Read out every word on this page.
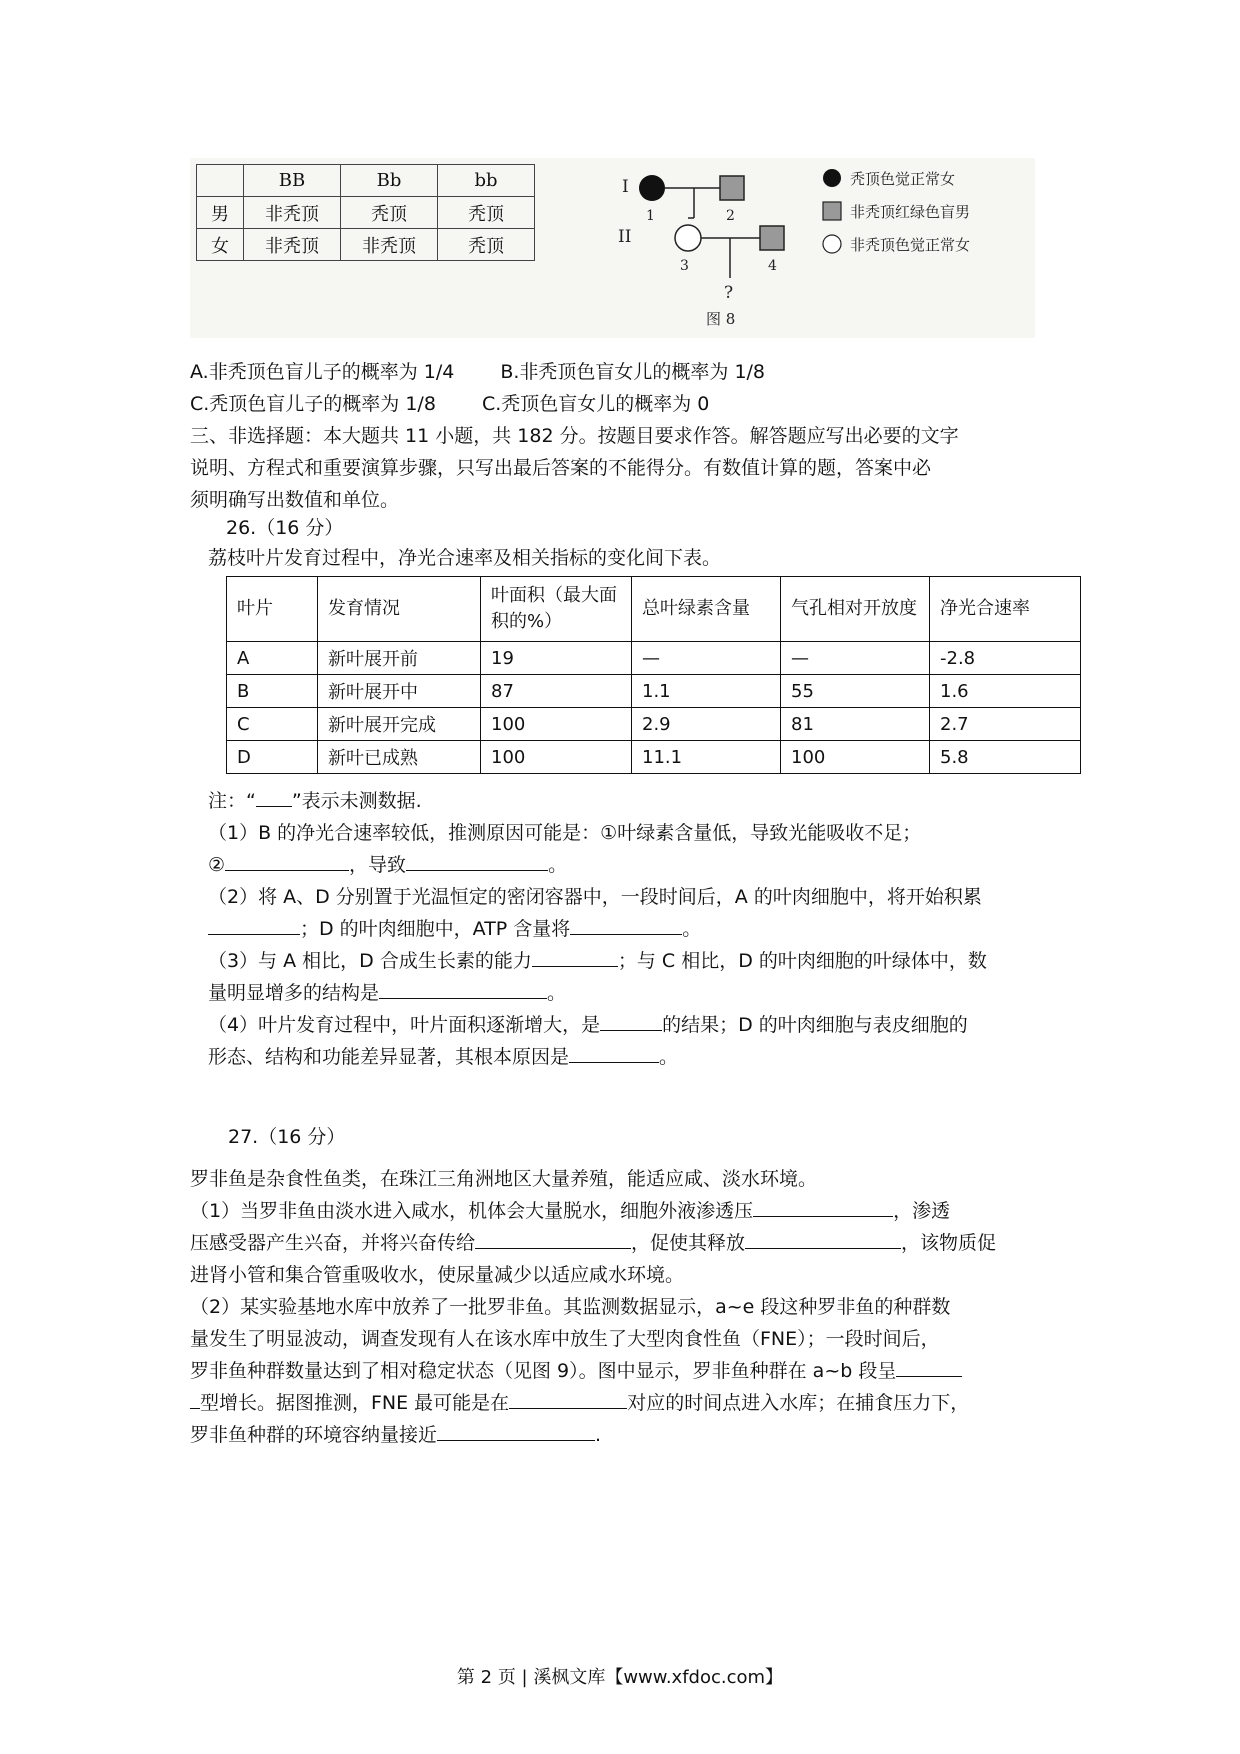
	BB	Bb	bb
男	非秃顶	秃顶	秃顶
女	非秃顶	非秃顶	秃顶
I
II
1	2
3	4
?
图 8
秃顶色觉正常女
非秃顶红绿色盲男
非秃顶色觉正常女
A.非秃顶色盲儿子的概率为 1/4 B.非秃顶色盲女儿的概率为 1/8
C.秃顶色盲儿子的概率为 1/8 C.秃顶色盲女儿的概率为 0
三、非选择题：本大题共 11 小题，共 182 分。按题目要求作答。解答题应写出必要的文字
说明、方程式和重要演算步骤，只写出最后答案的不能得分。有数值计算的题，答案中必
须明确写出数值和单位。
26.（16 分）
荔枝叶片发育过程中，净光合速率及相关指标的变化间下表。
叶片	发育情况	叶面积（最大面积的%）	总叶绿素含量	气孔相对开放度	净光合速率
A	新叶展开前	19	—	—	-2.8
B	新叶展开中	87	1.1	55	1.6
C	新叶展开完成	100	2.9	81	2.7
D	新叶已成熟	100	11.1	100	5.8
注：“ ”表示未测数据.
（1）B 的净光合速率较低，推测原因可能是：①叶绿素含量低，导致光能吸收不足；
②	，导致	。
（2）将 A、D 分别置于光温恒定的密闭容器中，一段时间后，A 的叶肉细胞中，将开始积累
；D 的叶肉细胞中，ATP 含量将	。
（3）与 A 相比，D 合成生长素的能力	；与 C 相比，D 的叶肉细胞的叶绿体中，数
量明显增多的结构是	。
（4）叶片发育过程中，叶片面积逐渐增大，是	的结果；D 的叶肉细胞与表皮细胞的
形态、结构和功能差异显著，其根本原因是	。
27.（16 分）
罗非鱼是杂食性鱼类，在珠江三角洲地区大量养殖，能适应咸、淡水环境。
（1）当罗非鱼由淡水进入咸水，机体会大量脱水，细胞外液渗透压	，渗透
压感受器产生兴奋，并将兴奋传给	，促使其释放	，该物质促
进肾小管和集合管重吸收水，使尿量减少以适应咸水环境。
（2）某实验基地水库中放养了一批罗非鱼。其监测数据显示，a~e 段这种罗非鱼的种群数
量发生了明显波动，调查发现有人在该水库中放生了大型肉食性鱼（FNE）；一段时间后，
罗非鱼种群数量达到了相对稳定状态（见图 9）。图中显示，罗非鱼种群在 a~b 段呈
型增长。据图推测，FNE 最可能是在	对应的时间点进入水库；在捕食压力下，
罗非鱼种群的环境容纳量接近	.
第 2 页 | 溪枫文库【www.xfdoc.com】
